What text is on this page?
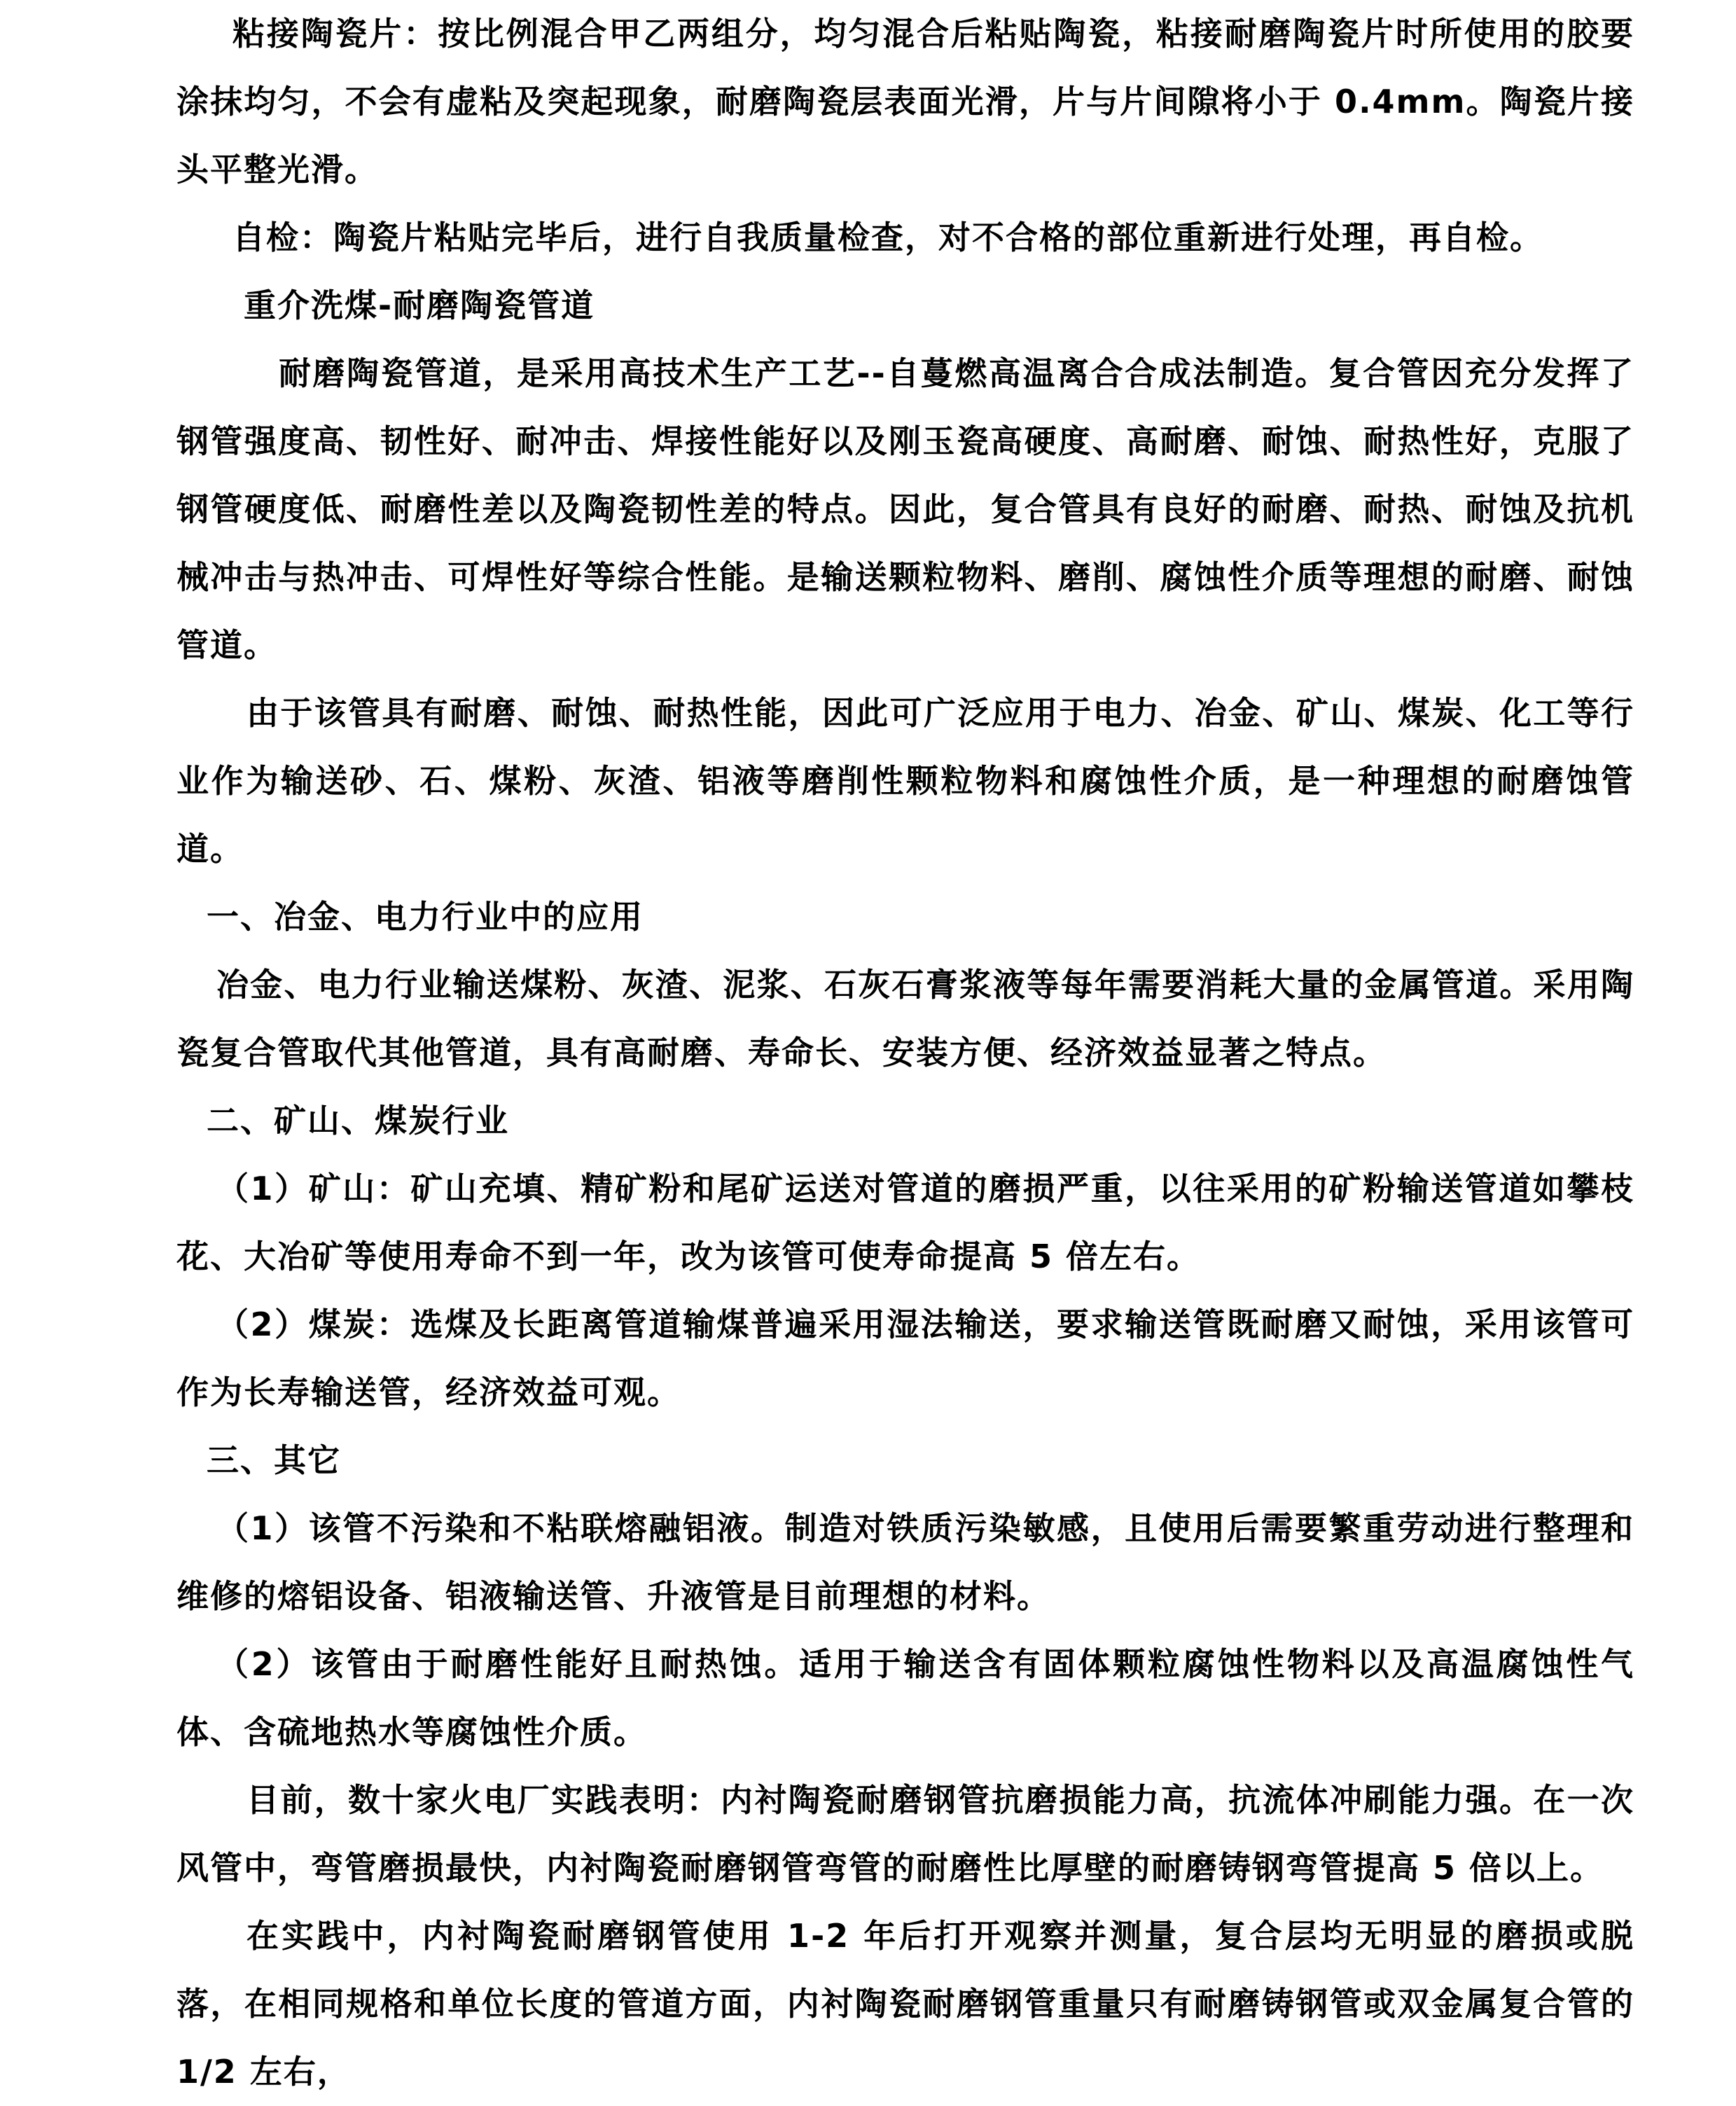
粘接陶瓷片：按比例混合甲乙两组分，均匀混合后粘贴陶瓷，粘接耐磨陶瓷片时所使用的胶要涂抹均匀，不会有虚粘及突起现象，耐磨陶瓷层表面光滑，片与片间隙将小于 0.4mm。陶瓷片接头平整光滑。

自检：陶瓷片粘贴完毕后，进行自我质量检查，对不合格的部位重新进行处理，再自检。

重介洗煤-耐磨陶瓷管道

耐磨陶瓷管道，是采用高技术生产工艺--自蔓燃高温离合合成法制造。复合管因充分发挥了钢管强度高、韧性好、耐冲击、焊接性能好以及刚玉瓷高硬度、高耐磨、耐蚀、耐热性好，克服了钢管硬度低、耐磨性差以及陶瓷韧性差的特点。因此，复合管具有良好的耐磨、耐热、耐蚀及抗机械冲击与热冲击、可焊性好等综合性能。是输送颗粒物料、磨削、腐蚀性介质等理想的耐磨、耐蚀管道。

由于该管具有耐磨、耐蚀、耐热性能，因此可广泛应用于电力、冶金、矿山、煤炭、化工等行业作为输送砂、石、煤粉、灰渣、铝液等磨削性颗粒物料和腐蚀性介质，是一种理想的耐磨蚀管道。

一、冶金、电力行业中的应用

冶金、电力行业输送煤粉、灰渣、泥浆、石灰石膏浆液等每年需要消耗大量的金属管道。采用陶瓷复合管取代其他管道，具有高耐磨、寿命长、安装方便、经济效益显著之特点。

二、矿山、煤炭行业

（1）矿山：矿山充填、精矿粉和尾矿运送对管道的磨损严重，以往采用的矿粉输送管道如攀枝花、大冶矿等使用寿命不到一年，改为该管可使寿命提高 5 倍左右。

（2）煤炭：选煤及长距离管道输煤普遍采用湿法输送，要求输送管既耐磨又耐蚀，采用该管可作为长寿输送管，经济效益可观。

三、其它

（1）该管不污染和不粘联熔融铝液。制造对铁质污染敏感，且使用后需要繁重劳动进行整理和维修的熔铝设备、铝液输送管、升液管是目前理想的材料。

（2）该管由于耐磨性能好且耐热蚀。适用于输送含有固体颗粒腐蚀性物料以及高温腐蚀性气体、含硫地热水等腐蚀性介质。

目前，数十家火电厂实践表明：内衬陶瓷耐磨钢管抗磨损能力高，抗流体冲刷能力强。在一次风管中，弯管磨损最快，内衬陶瓷耐磨钢管弯管的耐磨性比厚壁的耐磨铸钢弯管提高 5 倍以上。

在实践中，内衬陶瓷耐磨钢管使用 1-2 年后打开观察并测量，复合层均无明显的磨损或脱落，在相同规格和单位长度的管道方面，内衬陶瓷耐磨钢管重量只有耐磨铸钢管或双金属复合管的 1/2 左右，
